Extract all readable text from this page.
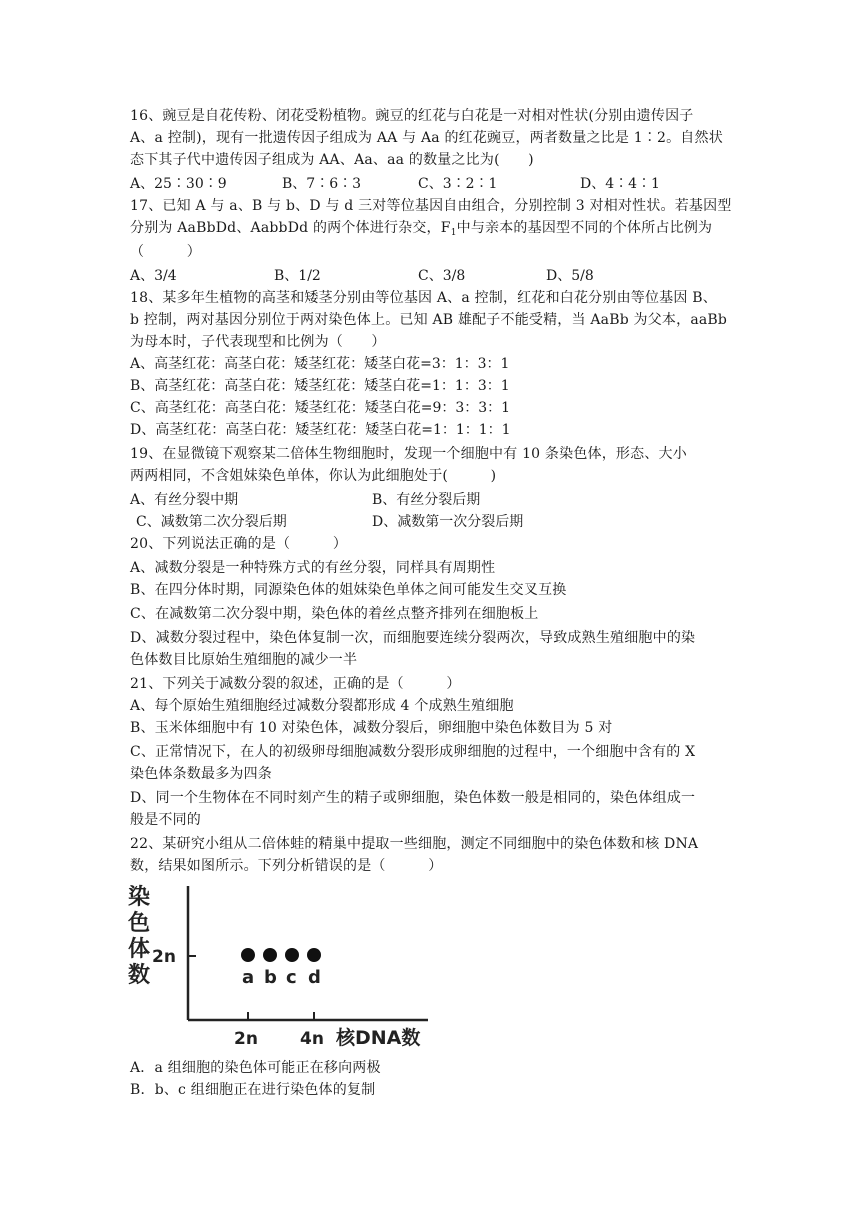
16、豌豆是自花传粉、闭花受粉植物。豌豆的红花与白花是一对相对性状(分别由遗传因子
A、a 控制)，现有一批遗传因子组成为 AA 与 Aa 的红花豌豆，两者数量之比是 1∶2。自然状
态下其子代中遗传因子组成为 AA、Aa、aa 的数量之比为(　　)
A、25∶30∶9	B、7∶6∶3	C、3∶2∶1	D、4∶4∶1
17、已知 A 与 a、B 与 b、D 与 d 三对等位基因自由组合，分别控制 3 对相对性状。若基因型
分别为 AaBbDd、AabbDd 的两个体进行杂交，$F_1$中与亲本的基因型不同的个体所占比例为
（　　　）
A、3/4	B、1/2	C、3/8	D、5/8
18、某多年生植物的高茎和矮茎分别由等位基因 A、a 控制，红花和白花分别由等位基因 B、
b 控制，两对基因分别位于两对染色体上。已知 AB 雄配子不能受精，当 AaBb 为父本，aaBb
为母本时，子代表现型和比例为（　　）
A、高茎红花：高茎白花：矮茎红花：矮茎白花=3：1：3：1
B、高茎红花：高茎白花：矮茎红花：矮茎白花=1：1：3：1
C、高茎红花：高茎白花：矮茎红花：矮茎白花=9：3：3：1
D、高茎红花：高茎白花：矮茎红花：矮茎白花=1：1：1：1
19、在显微镜下观察某二倍体生物细胞时，发现一个细胞中有 10 条染色体，形态、大小
两两相同，不含姐妹染色单体，你认为此细胞处于(　　　)
A、有丝分裂中期	B、有丝分裂后期
C、减数第二次分裂后期	D、减数第一次分裂后期
20、下列说法正确的是（　　　）
A、减数分裂是一种特殊方式的有丝分裂，同样具有周期性
B、在四分体时期，同源染色体的姐妹染色单体之间可能发生交叉互换
C、在减数第二次分裂中期，染色体的着丝点整齐排列在细胞板上
D、减数分裂过程中，染色体复制一次，而细胞要连续分裂两次，导致成熟生殖细胞中的染
色体数目比原始生殖细胞的减少一半
21、下列关于减数分裂的叙述，正确的是（　　　）
A、每个原始生殖细胞经过减数分裂都形成 4 个成熟生殖细胞
B、玉米体细胞中有 10 对染色体，减数分裂后，卵细胞中染色体数目为 5 对
C、正常情况下，在人的初级卵母细胞减数分裂形成卵细胞的过程中，一个细胞中含有的 X
染色体条数最多为四条
D、同一个生物体在不同时刻产生的精子或卵细胞，染色体数一般是相同的，染色体组成一
般是不同的
22、某研究小组从二倍体蛙的精巢中提取一些细胞，测定不同细胞中的染色体数和核 DNA
数，结果如图所示。下列分析错误的是（　　　）
染
色
体
数
2n
2n 4n 核DNA数
a b c d
A．a 组细胞的染色体可能正在移向两极
B．b、c 组细胞正在进行染色体的复制
